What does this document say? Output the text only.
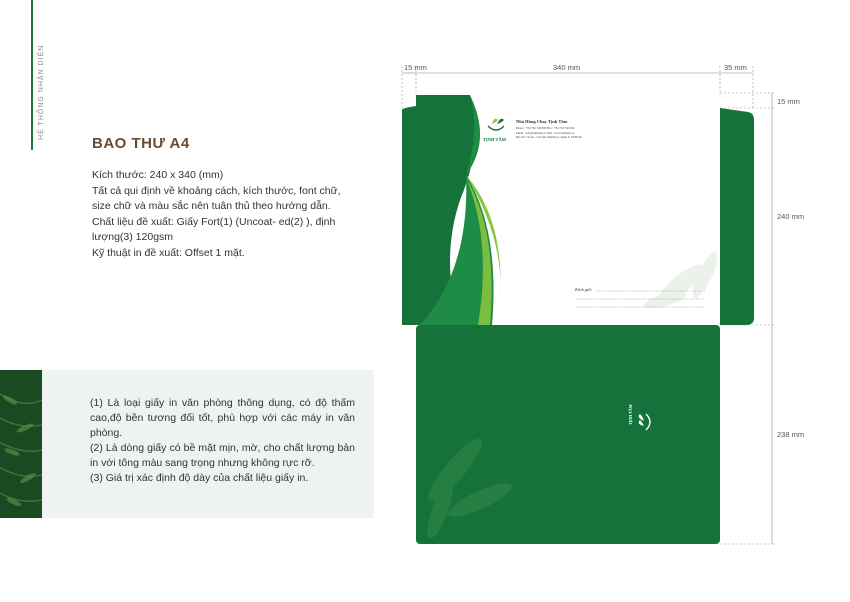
HỆ THỐNG NHẬN DIỆN
BAO THƯ A4
Kích thước: 240 x 340 (mm)
Tất cả qui định về khoảng cách, kích thước, font chữ, size chữ và màu sắc nên tuân thủ theo hướng dẫn.
Chất liệu đề xuất: Giấy Fort(1) (Uncoat- ed(2) ), định lượng(3) 120gsm
Kỹ thuật in đề xuất: Offset 1 mặt.
(1) Là loại giấy in văn phòng thông dụng, có độ thấm cao,độ bền tương đối tốt, phù hợp với các máy in văn phòng.
(2) Là dòng giấy có bề mặt mịn, mờ, cho chất lượng bản in với tông màu sang trọng nhưng không rực rỡ.
(3) Giá trị xác định độ dày của chất liệu giấy in.
15 mm	340 mm	35 mm
15 mm
240 mm
238 mm
TỊNH TÂM
Nhà Hàng Chay Tịnh Tâm
Phone : +84 762 746 999 Hot : +84 762 746 999
Email : info@tinhtam.vn Web : www.tinhtam.vn
Địa chỉ : Số nn - Lê Lâm, Phường 4, Quận 6, TP.HCM
Kính gửi:
TỊNH TÂM
